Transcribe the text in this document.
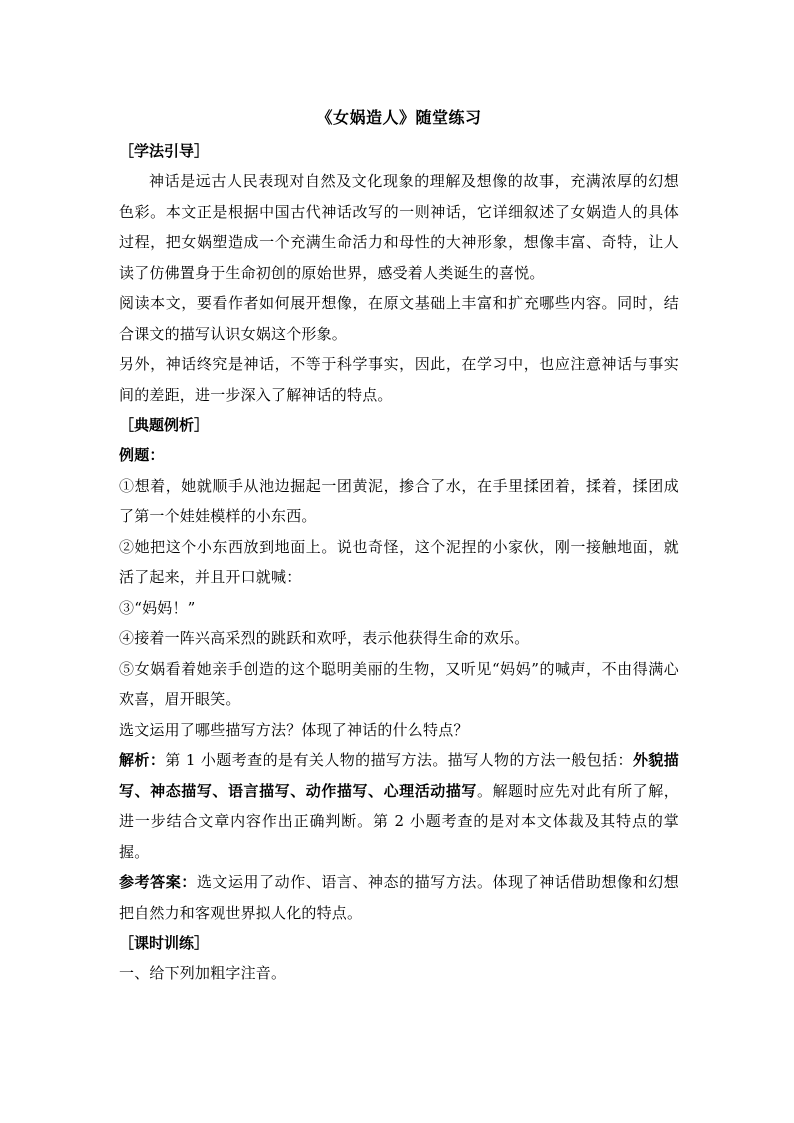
《女娲造人》随堂练习
［学法引导］

神话是远古人民表现对自然及文化现象的理解及想像的故事，充满浓厚的幻想色彩。本文正是根据中国古代神话改写的一则神话，它详细叙述了女娲造人的具体过程，把女娲塑造成一个充满生命活力和母性的大神形象，想像丰富、奇特，让人读了仿佛置身于生命初创的原始世界，感受着人类诞生的喜悦。

阅读本文，要看作者如何展开想像，在原文基础上丰富和扩充哪些内容。同时，结合课文的描写认识女娲这个形象。

另外，神话终究是神话，不等于科学事实，因此，在学习中，也应注意神话与事实间的差距，进一步深入了解神话的特点。

［典题例析］

例题：

①想着，她就顺手从池边掘起一团黄泥，掺合了水，在手里揉团着，揉着，揉团成了第一个娃娃模样的小东西。

②她把这个小东西放到地面上。说也奇怪，这个泥捏的小家伙，刚一接触地面，就活了起来，并且开口就喊：

③“妈妈！”

④接着一阵兴高采烈的跳跃和欢呼，表示他获得生命的欢乐。

⑤女娲看着她亲手创造的这个聪明美丽的生物，又听见“妈妈”的喊声，不由得满心欢喜，眉开眼笑。

选文运用了哪些描写方法？体现了神话的什么特点？

解析：第 1 小题考查的是有关人物的描写方法。描写人物的方法一般包括：外貌描写、神态描写、语言描写、动作描写、心理活动描写。解题时应先对此有所了解，进一步结合文章内容作出正确判断。第 2 小题考查的是对本文体裁及其特点的掌握。

参考答案：选文运用了动作、语言、神态的描写方法。体现了神话借助想像和幻想把自然力和客观世界拟人化的特点。

［课时训练］

一、给下列加粗字注音。
